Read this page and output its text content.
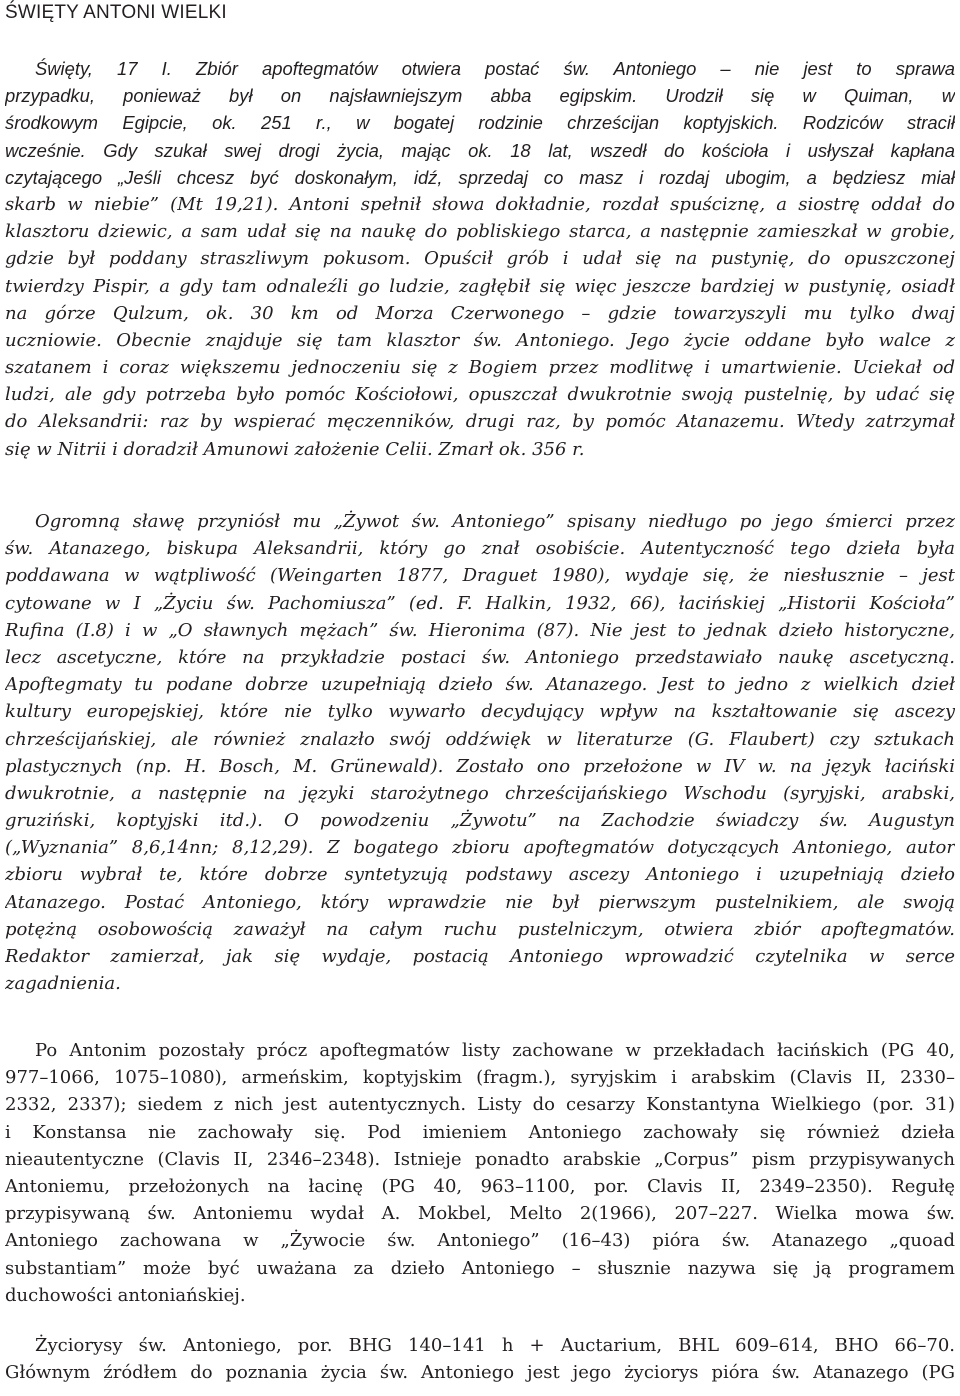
ŚWIĘTY ANTONI WIELKI
Święty, 17 I. Zbiór apoftegmatów otwiera postać św. Antoniego – nie jest to sprawa
przypadku, ponieważ był on najsławniejszym abba egipskim. Urodził się w Quiman, w
środkowym Egipcie, ok. 251 r., w bogatej rodzinie chrześcijan koptyjskich. Rodziców stracił
wcześnie. Gdy szukał swej drogi życia, mając ok. 18 lat, wszedł do kościoła i usłyszał kapłana
czytającego „Jeśli chcesz być doskonałym, idź, sprzedaj co masz i rozdaj ubogim, a będziesz miał
skarb w niebie” (Mt 19,21). Antoni spełnił słowa dokładnie, rozdał spuściznę, a siostrę oddał do
klasztoru dziewic, a sam udał się na naukę do pobliskiego starca, a następnie zamieszkał w grobie,
gdzie był poddany straszliwym pokusom. Opuścił grób i udał się na pustynię, do opuszczonej
twierdzy Pispir, a gdy tam odnaleźli go ludzie, zagłębił się więc jeszcze bardziej w pustynię, osiadł
na górze Qulzum, ok. 30 km od Morza Czerwonego – gdzie towarzyszyli mu tylko dwaj
uczniowie. Obecnie znajduje się tam klasztor św. Antoniego. Jego życie oddane było walce z
szatanem i coraz większemu jednoczeniu się z Bogiem przez modlitwę i umartwienie. Uciekał od
ludzi, ale gdy potrzeba było pomóc Kościołowi, opuszczał dwukrotnie swoją pustelnię, by udać się
do Aleksandrii: raz by wspierać męczenników, drugi raz, by pomóc Atanazemu. Wtedy zatrzymał
się w Nitrii i doradził Amunowi założenie Celii. Zmarł ok. 356 r.
Ogromną sławę przyniósł mu „Żywot św. Antoniego” spisany niedługo po jego śmierci przez
św. Atanazego, biskupa Aleksandrii, który go znał osobiście. Autentyczność tego dzieła była
poddawana w wątpliwość (Weingarten 1877, Draguet 1980), wydaje się, że niesłusznie – jest
cytowane w I „Życiu św. Pachomiusza” (ed. F. Halkin, 1932, 66), łacińskiej „Historii Kościoła”
Rufina (I.8) i w „O sławnych mężach” św. Hieronima (87). Nie jest to jednak dzieło historyczne,
lecz ascetyczne, które na przykładzie postaci św. Antoniego przedstawiało naukę ascetyczną.
Apoftegmaty tu podane dobrze uzupełniają dzieło św. Atanazego. Jest to jedno z wielkich dzieł
kultury europejskiej, które nie tylko wywarło decydujący wpływ na kształtowanie się ascezy
chrześcijańskiej, ale również znalazło swój oddźwięk w literaturze (G. Flaubert) czy sztukach
plastycznych (np. H. Bosch, M. Grünewald). Zostało ono przełożone w IV w. na język łaciński
dwukrotnie, a następnie na języki starożytnego chrześcijańskiego Wschodu (syryjski, arabski,
gruziński, koptyjski itd.). O powodzeniu „Żywotu” na Zachodzie świadczy św. Augustyn
(„Wyznania” 8,6,14nn; 8,12,29). Z bogatego zbioru apoftegmatów dotyczących Antoniego, autor
zbioru wybrał te, które dobrze syntetyzują podstawy ascezy Antoniego i uzupełniają dzieło
Atanazego. Postać Antoniego, który wprawdzie nie był pierwszym pustelnikiem, ale swoją
potężną osobowością zaważył na całym ruchu pustelniczym, otwiera zbiór apoftegmatów.
Redaktor zamierzał, jak się wydaje, postacią Antoniego wprowadzić czytelnika w serce
zagadnienia.
Po Antonim pozostały prócz apoftegmatów listy zachowane w przekładach łacińskich (PG 40,
977–1066, 1075–1080), armeńskim, koptyjskim (fragm.), syryjskim i arabskim (Clavis II, 2330–
2332, 2337); siedem z nich jest autentycznych. Listy do cesarzy Konstantyna Wielkiego (por. 31)
i Konstansa nie zachowały się. Pod imieniem Antoniego zachowały się również dzieła
nieautentyczne (Clavis II, 2346–2348). Istnieje ponadto arabskie „Corpus” pism przypisywanych
Antoniemu, przełożonych na łacinę (PG 40, 963–1100, por. Clavis II, 2349–2350). Regułę
przypisywaną św. Antoniemu wydał A. Mokbel, Melto 2(1966), 207–227. Wielka mowa św.
Antoniego zachowana w „Żywocie św. Antoniego” (16–43) pióra św. Atanazego „quoad
substantiam” może być uważana za dzieło Antoniego – słusznie nazywa się ją programem
duchowości antoniańskiej.
Życiorysy św. Antoniego, por. BHG 140–141 h + Auctarium, BHL 609–614, BHO 66–70.
Głównym źródłem do poznania życia św. Antoniego jest jego życiorys pióra św. Atanazego (PG
